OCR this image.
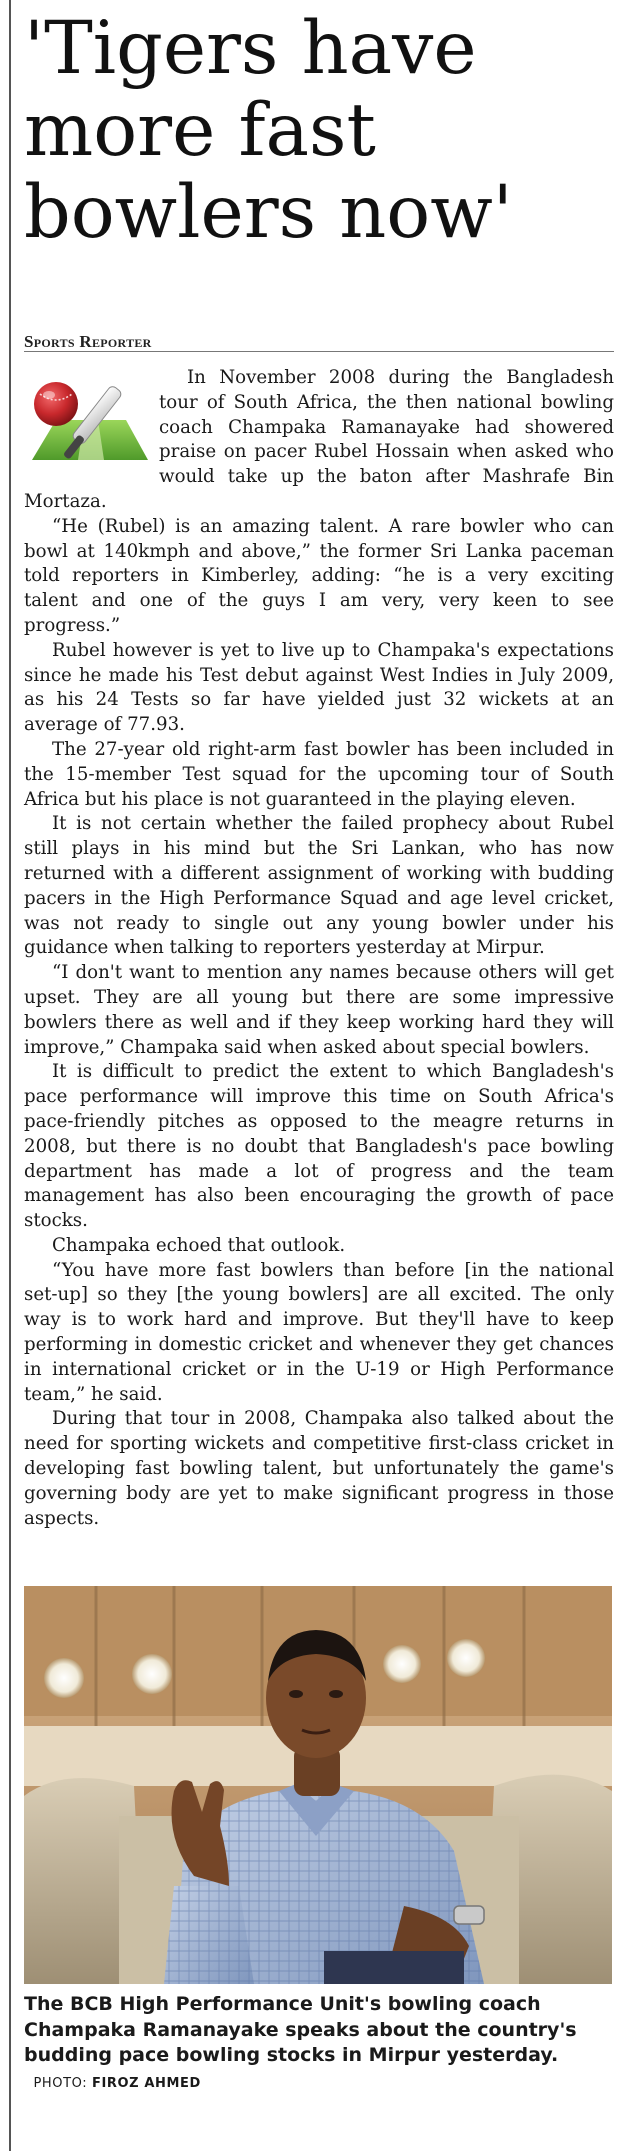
'Tigers have
more fast
bowlers now'
Sports Reporter

In November 2008 during the Bangladesh tour of South Africa, the then national bowling coach Champaka Ramanayake had showered praise on pacer Rubel Hossain when asked who would take up the baton after Mashrafe Bin Mortaza.

“He (Rubel) is an amazing talent. A rare bowler who can bowl at 140kmph and above,” the former Sri Lanka paceman told reporters in Kimberley, adding: “he is a very exciting talent and one of the guys I am very, very keen to see progress.”

Rubel however is yet to live up to Champaka's expectations since he made his Test debut against West Indies in July 2009, as his 24 Tests so far have yielded just 32 wickets at an average of 77.93.

The 27-year old right-arm fast bowler has been included in the 15-member Test squad for the upcoming tour of South Africa but his place is not guaranteed in the playing eleven.

It is not certain whether the failed prophecy about Rubel still plays in his mind but the Sri Lankan, who has now returned with a different assignment of working with budding pacers in the High Performance Squad and age level cricket, was not ready to single out any young bowler under his guidance when talking to reporters yesterday at Mirpur.

“I don't want to mention any names because others will get upset. They are all young but there are some impressive bowlers there as well and if they keep working hard they will improve,” Champaka said when asked about special bowlers.

It is difficult to predict the extent to which Bangladesh's pace performance will improve this time on South Africa's pace-friendly pitches as opposed to the meagre returns in 2008, but there is no doubt that Bangladesh's pace bowling department has made a lot of progress and the team management has also been encouraging the growth of pace stocks.

Champaka echoed that outlook.

“You have more fast bowlers than before [in the national set-up] so they [the young bowlers] are all excited. The only way is to work hard and improve. But they'll have to keep performing in domestic cricket and whenever they get chances in international cricket or in the U-19 or High Performance team,” he said.

During that tour in 2008, Champaka also talked about the need for sporting wickets and competitive first-class cricket in developing fast bowling talent, but unfortunately the game's governing body are yet to make significant progress in those aspects.

The BCB High Performance Unit's bowling coach Champaka Ramanayake speaks about the country's budding pace bowling stocks in Mirpur yesterday.   PHOTO: FIROZ AHMED
